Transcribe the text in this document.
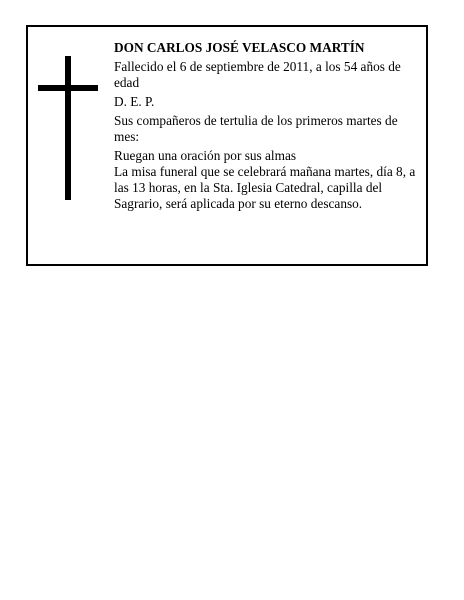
DON CARLOS JOSÉ VELASCO MARTÍN

Fallecido el 6 de septiembre de 2011, a los 54 años de edad

D. E. P.

Sus compañeros de tertulia de los primeros martes de mes:

Ruegan una oración por sus almas

La misa funeral que se celebrará mañana martes, día 8, a las 13 horas, en la Sta. Iglesia Catedral, capilla del Sagrario, será aplicada por su eterno descanso.
